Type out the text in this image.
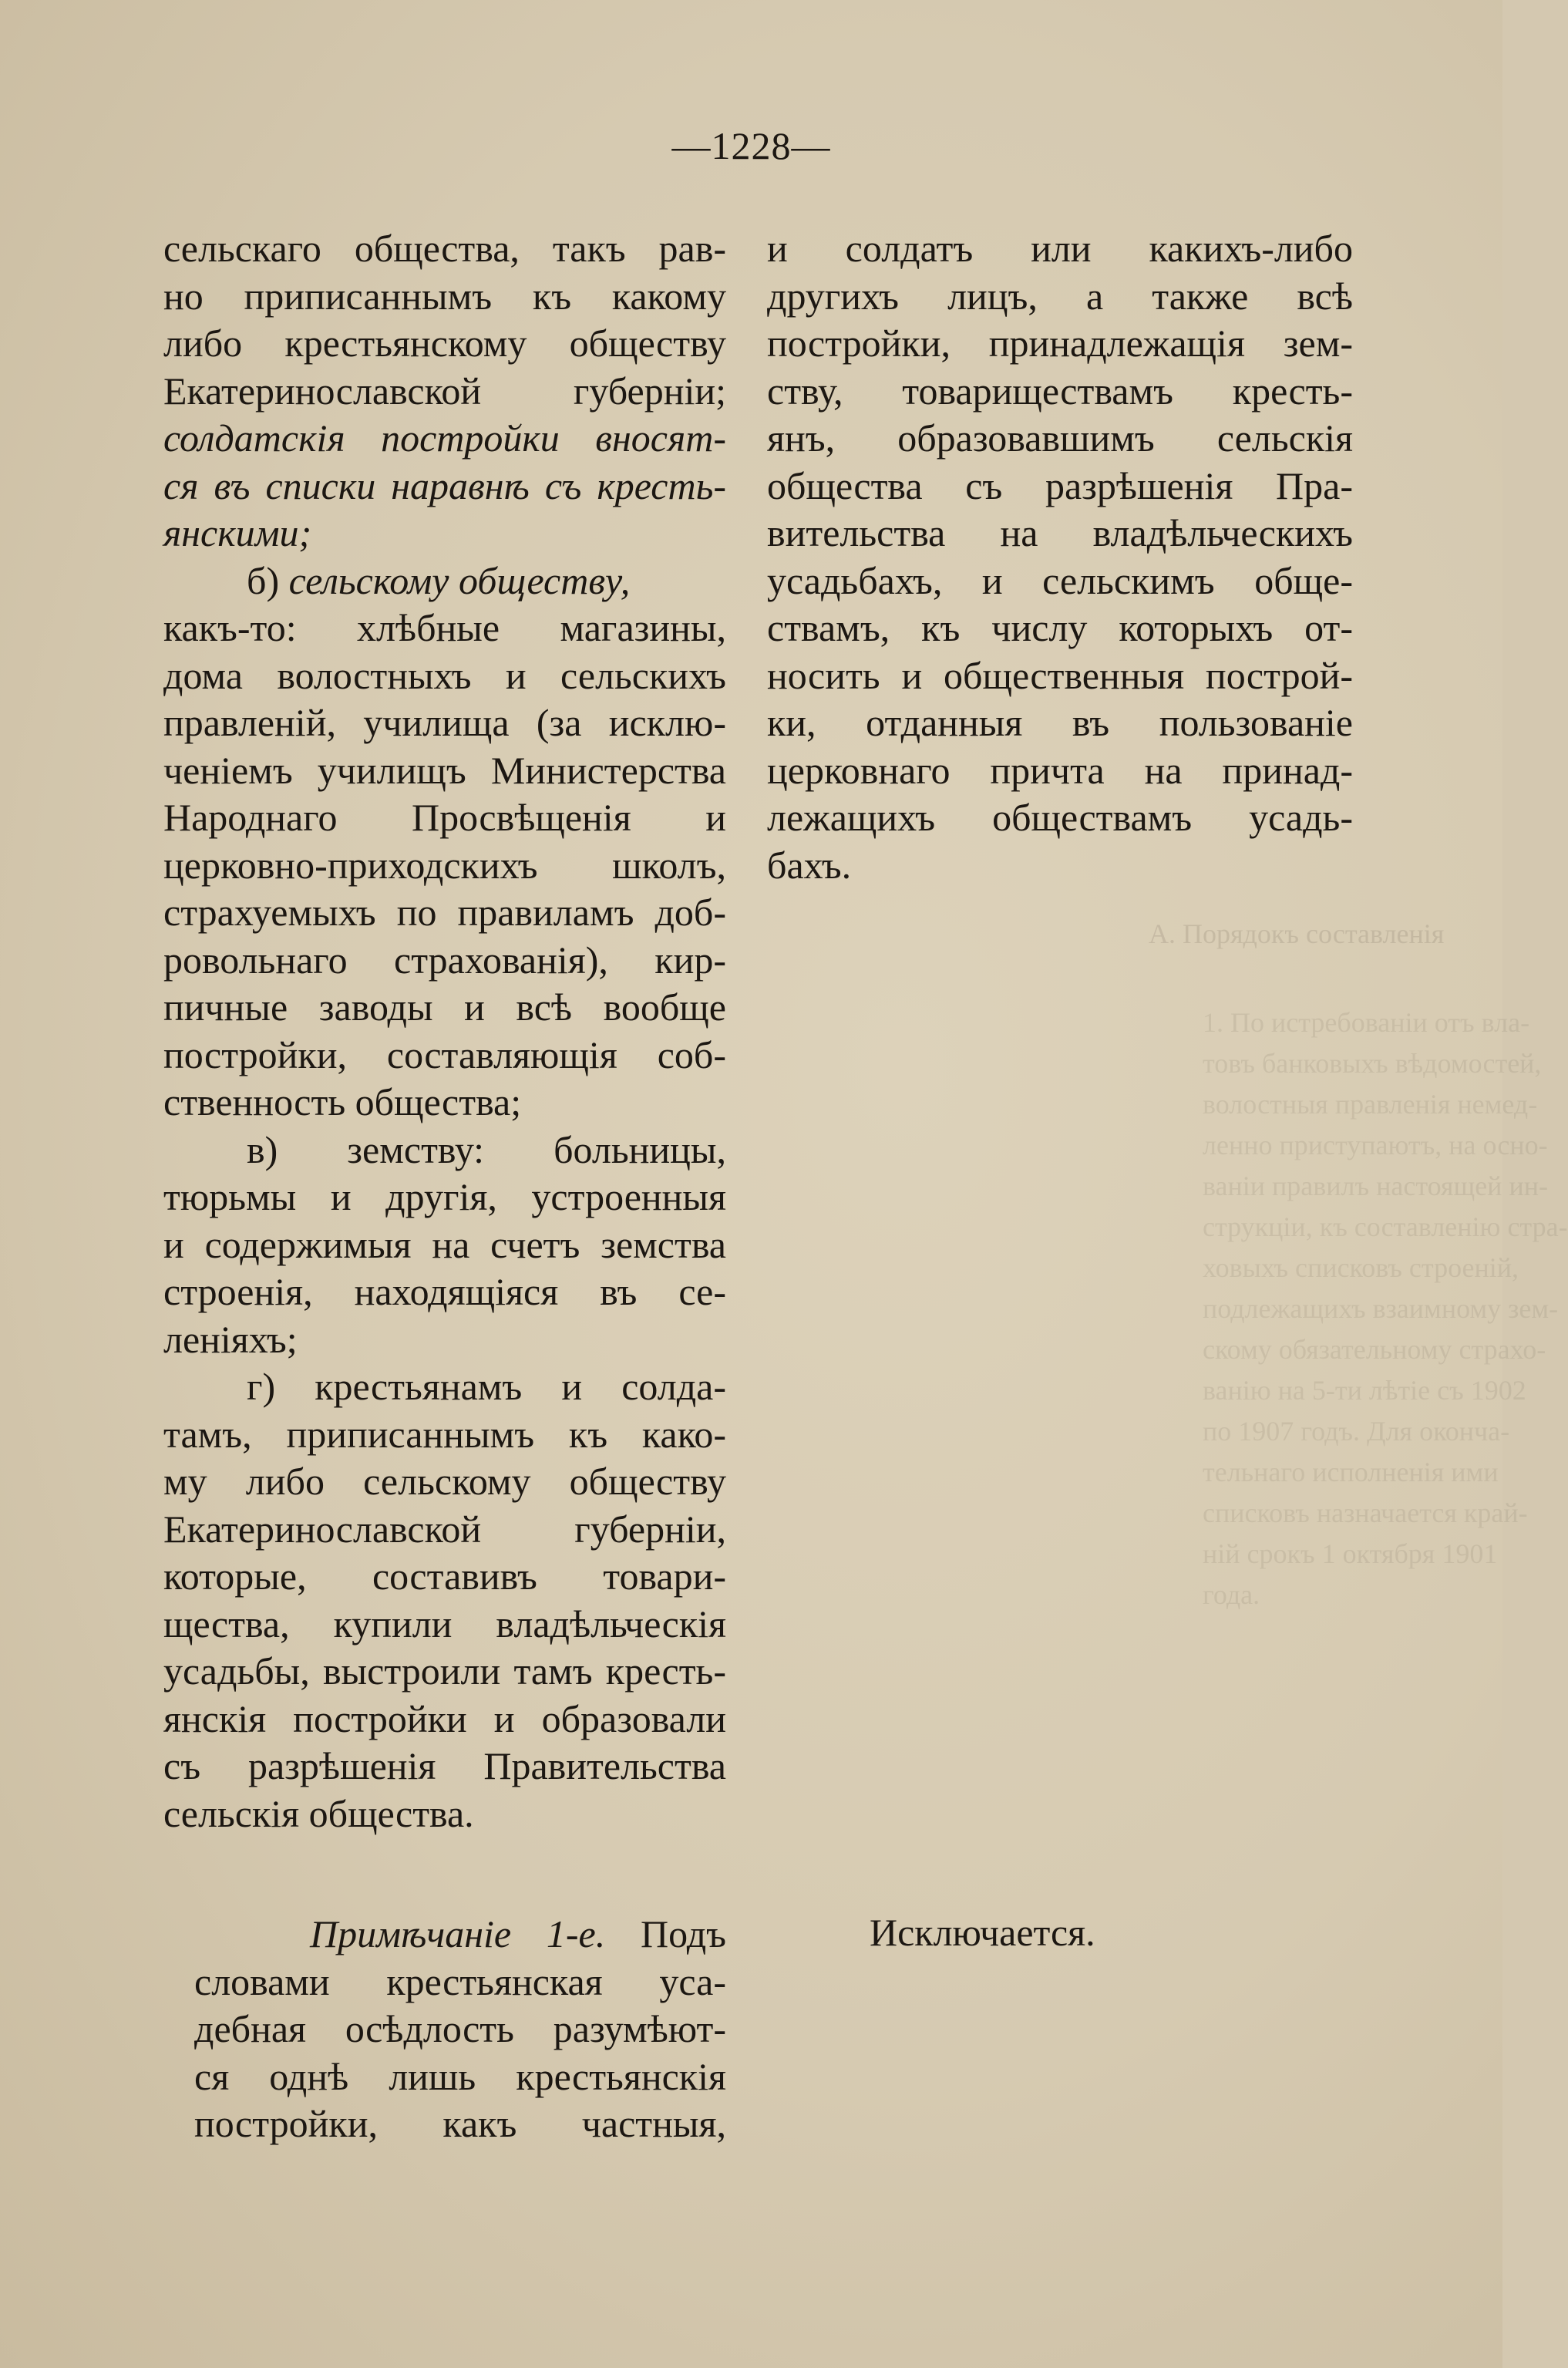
А. Порядокъ составленія
1. По истребованіи отъ вла-
товъ банковыхъ вѣдомостей,
волостныя правленія немед-
ленно приступаютъ, на осно-
ваніи правилъ настоящей ин-
струкціи, къ составленію стра-
ховыхъ списковъ строеній,
подлежащихъ взаимному зем-
скому обязательному страхо-
ванію на 5-ти лѣтіе съ 1902
по 1907 годъ. Для оконча-
тельнаго исполненія ими
списковъ назначается край-
ній срокъ 1 октября 1901
года.
—1228—
сельскаго общества, такъ рав-
но приписаннымъ къ какому
либо крестьянскому обществу
Екатеринославской губерніи;
солдатскія постройки вносят-
ся въ списки наравнѣ съ кресть-
янскими;
б) сельскому обществу,
какъ-то: хлѣбные магазины,
дома волостныхъ и сельскихъ
правленій, училища (за исклю-
ченіемъ училищъ Министерства
Народнаго Просвѣщенія и
церковно-приходскихъ школъ,
страхуемыхъ по правиламъ доб-
ровольнаго страхованія), кир-
пичные заводы и всѣ вообще
постройки, составляющія соб-
ственность общества;
в) земству: больницы,
тюрьмы и другія, устроенныя
и содержимыя на счетъ земства
строенія, находящіяся въ се-
леніяхъ;
г) крестьянамъ и солда-
тамъ, приписаннымъ къ како-
му либо сельскому обществу
Екатеринославской губерніи,
которые, составивъ товари-
щества, купили владѣльческія
усадьбы, выстроили тамъ кресть-
янскія постройки и образовали
съ разрѣшенія Правительства
сельскія общества.
Примѣчаніе 1-е. Подъ
словами крестьянская уса-
дебная осѣдлость разумѣют-
ся однѣ лишь крестьянскія
постройки, какъ частныя,
и солдатъ или какихъ-либо
другихъ лицъ, а также всѣ
постройки, принадлежащія зем-
ству, товариществамъ кресть-
янъ, образовавшимъ сельскія
общества съ разрѣшенія Пра-
вительства на владѣльческихъ
усадьбахъ, и сельскимъ обще-
ствамъ, къ числу которыхъ от-
носить и общественныя построй-
ки, отданныя въ пользованіе
церковнаго причта на принад-
лежащихъ обществамъ усадь-
бахъ.
Исключается.
